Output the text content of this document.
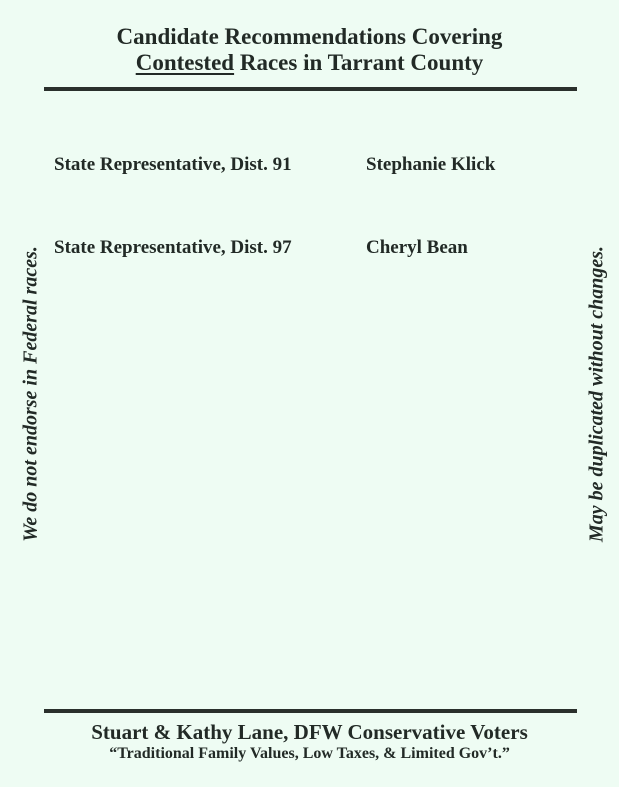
Candidate Recommendations Covering
Contested Races in Tarrant County
State Representative, Dist. 91	Stephanie Klick
State Representative, Dist. 97	Cheryl Bean
We do not endorse in Federal races.	May be duplicated without changes.
Stuart & Kathy Lane, DFW Conservative Voters
“Traditional Family Values, Low Taxes, & Limited Gov’t.”
